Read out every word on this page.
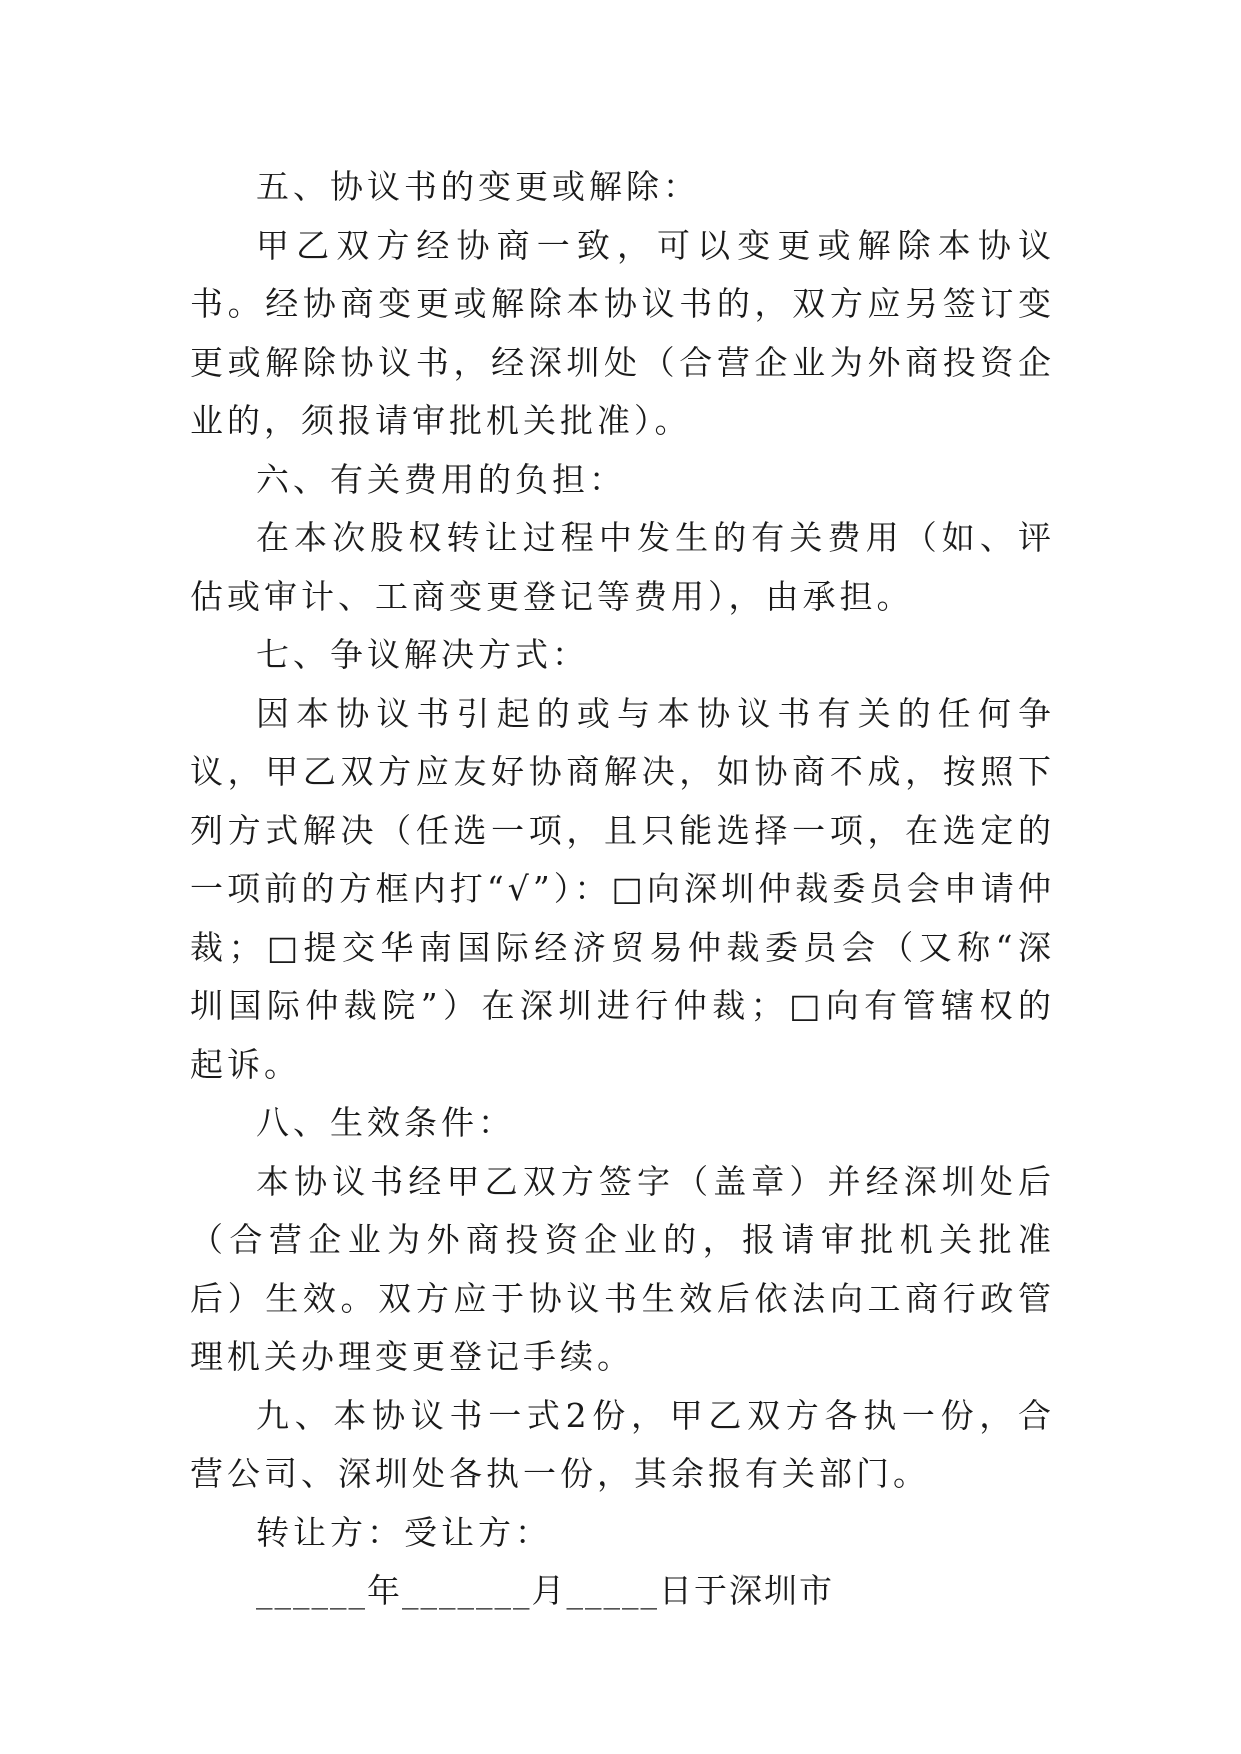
五、协议书的变更或解除：

甲乙双方经协商一致，可以变更或解除本协议书。经协商变更或解除本协议书的，双方应另签订变更或解除协议书，经深圳处（合营企业为外商投资企业的，须报请审批机关批准）。

六、有关费用的负担：

在本次股权转让过程中发生的有关费用（如、评估或审计、工商变更登记等费用），由承担。

七、争议解决方式：

因本协议书引起的或与本协议书有关的任何争议，甲乙双方应友好协商解决，如协商不成，按照下列方式解决（任选一项，且只能选择一项，在选定的一项前的方框内打“√”）：□向深圳仲裁委员会申请仲裁；□提交华南国际经济贸易仲裁委员会（又称“深圳国际仲裁院”）在深圳进行仲裁；□向有管辖权的起诉。

八、生效条件：

本协议书经甲乙双方签字（盖章）并经深圳处后（合营企业为外商投资企业的，报请审批机关批准后）生效。双方应于协议书生效后依法向工商行政管理机关办理变更登记手续。

九、本协议书一式2份，甲乙双方各执一份，合营公司、深圳处各执一份，其余报有关部门。

转让方：受让方：

______年_______月_____日于深圳市
